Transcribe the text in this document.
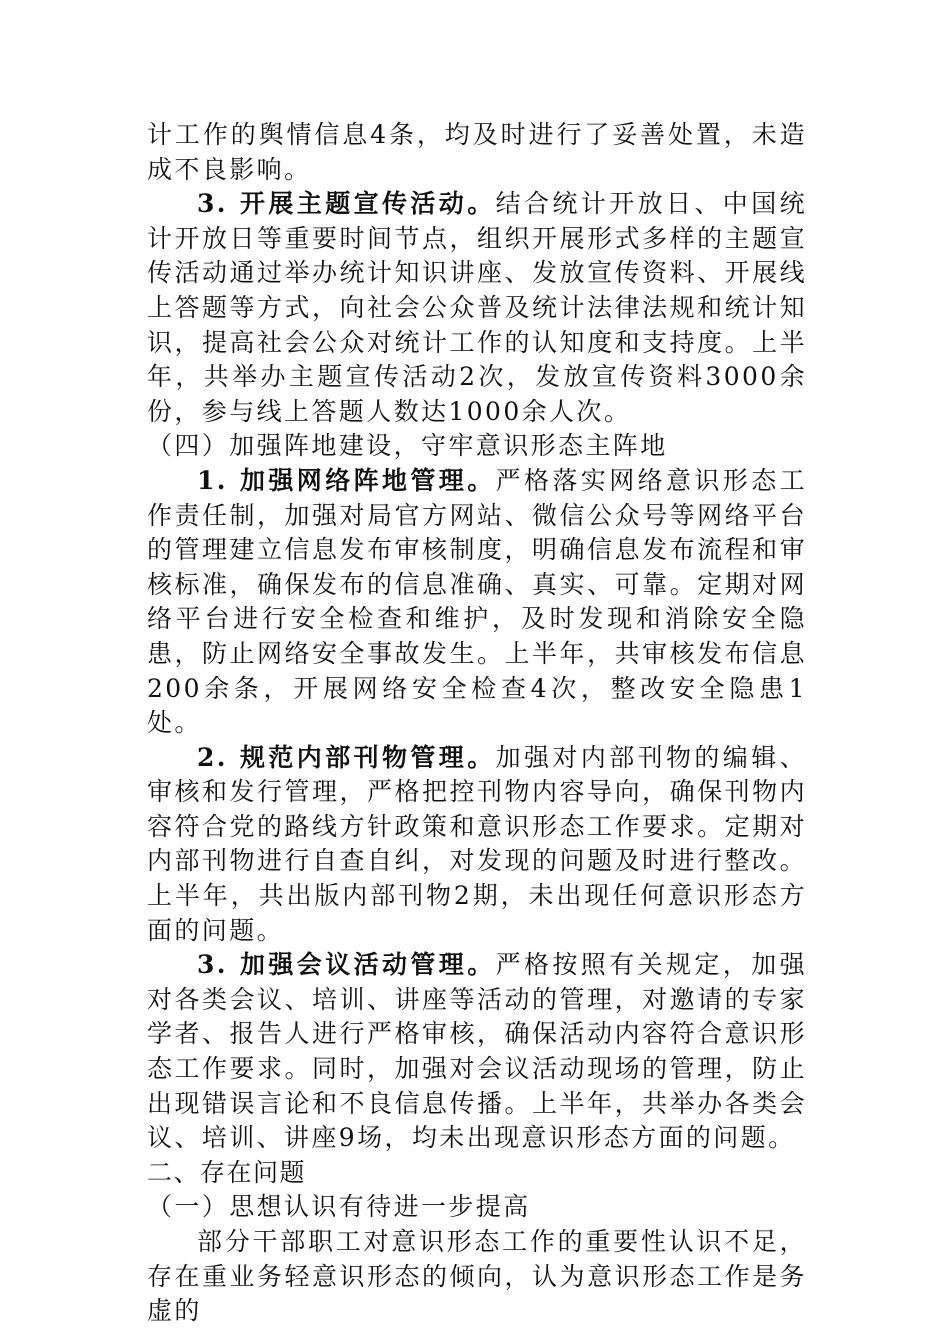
计工作的舆情信息4条，均及时进行了妥善处置，未造成不良影响。

3. 开展主题宣传活动。结合统计开放日、中国统计开放日等重要时间节点，组织开展形式多样的主题宣传活动通过举办统计知识讲座、发放宣传资料、开展线上答题等方式，向社会公众普及统计法律法规和统计知识，提高社会公众对统计工作的认知度和支持度。上半年，共举办主题宣传活动2次，发放宣传资料3000余份，参与线上答题人数达1000余人次。

（四）加强阵地建设，守牢意识形态主阵地

1. 加强网络阵地管理。严格落实网络意识形态工作责任制，加强对局官方网站、微信公众号等网络平台的管理建立信息发布审核制度，明确信息发布流程和审核标准，确保发布的信息准确、真实、可靠。定期对网络平台进行安全检查和维护，及时发现和消除安全隐患，防止网络安全事故发生。上半年，共审核发布信息200余条，开展网络安全检查4次，整改安全隐患1处。

2. 规范内部刊物管理。加强对内部刊物的编辑、审核和发行管理，严格把控刊物内容导向，确保刊物内容符合党的路线方针政策和意识形态工作要求。定期对内部刊物进行自查自纠，对发现的问题及时进行整改。上半年，共出版内部刊物2期，未出现任何意识形态方面的问题。

3. 加强会议活动管理。严格按照有关规定，加强对各类会议、培训、讲座等活动的管理，对邀请的专家学者、报告人进行严格审核，确保活动内容符合意识形态工作要求。同时，加强对会议活动现场的管理，防止出现错误言论和不良信息传播。上半年，共举办各类会议、培训、讲座9场，均未出现意识形态方面的问题。

二、存在问题

（一）思想认识有待进一步提高

部分干部职工对意识形态工作的重要性认识不足，存在重业务轻意识形态的倾向，认为意识形态工作是务虚的
